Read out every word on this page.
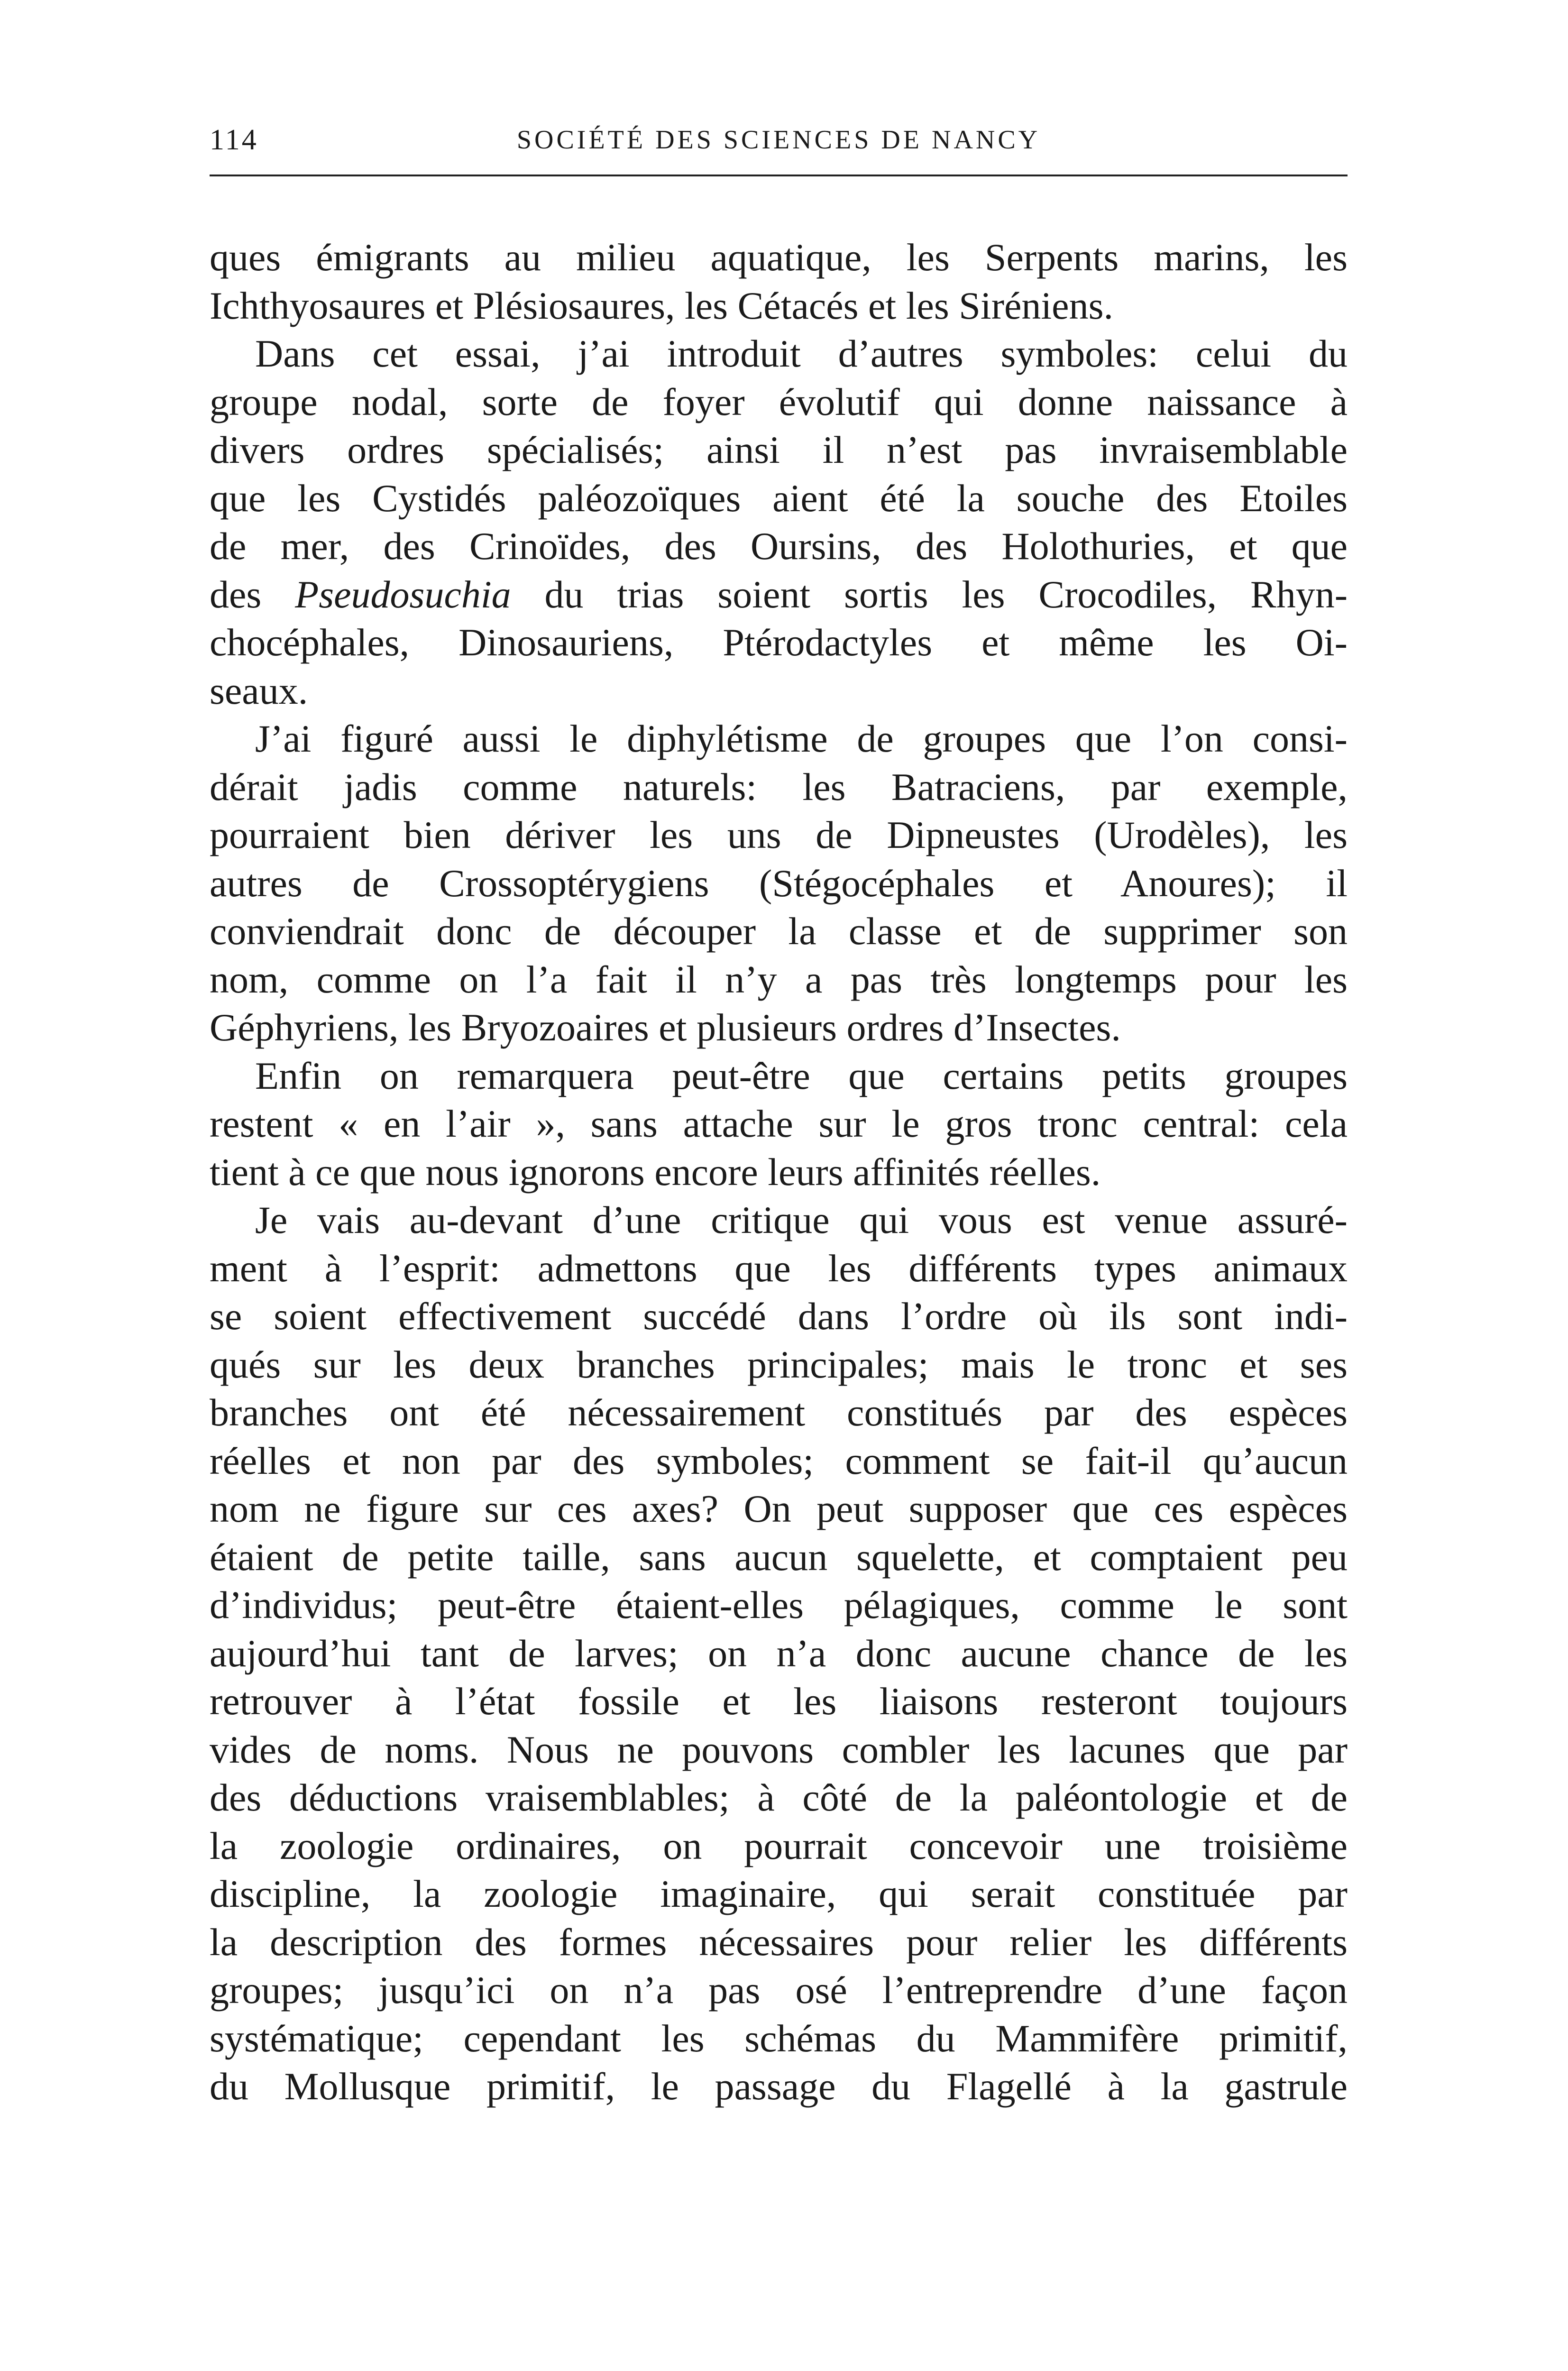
114	SOCIÉTÉ DES SCIENCES DE NANCY
ques émigrants au milieu aquatique, les Serpents marins, les
Ichthyosaures et Plésiosaures, les Cétacés et les Siréniens.
Dans cet essai, j’ai introduit d’autres symboles: celui du
groupe nodal, sorte de foyer évolutif qui donne naissance à
divers ordres spécialisés; ainsi il n’est pas invraisemblable
que les Cystidés paléozoïques aient été la souche des Etoiles
de mer, des Crinoïdes, des Oursins, des Holothuries, et que
des Pseudosuchia du trias soient sortis les Crocodiles, Rhyn-
chocéphales, Dinosauriens, Ptérodactyles et même les Oi-
seaux.
J’ai figuré aussi le diphylétisme de groupes que l’on consi-
dérait jadis comme naturels: les Batraciens, par exemple,
pourraient bien dériver les uns de Dipneustes (Urodèles), les
autres de Crossoptérygiens (Stégocéphales et Anoures); il
conviendrait donc de découper la classe et de supprimer son
nom, comme on l’a fait il n’y a pas très longtemps pour les
Géphyriens, les Bryozoaires et plusieurs ordres d’Insectes.
Enfin on remarquera peut-être que certains petits groupes
restent « en l’air », sans attache sur le gros tronc central: cela
tient à ce que nous ignorons encore leurs affinités réelles.
Je vais au-devant d’une critique qui vous est venue assuré-
ment à l’esprit: admettons que les différents types animaux
se soient effectivement succédé dans l’ordre où ils sont indi-
qués sur les deux branches principales; mais le tronc et ses
branches ont été nécessairement constitués par des espèces
réelles et non par des symboles; comment se fait-il qu’aucun
nom ne figure sur ces axes? On peut supposer que ces espèces
étaient de petite taille, sans aucun squelette, et comptaient peu
d’individus; peut-être étaient-elles pélagiques, comme le sont
aujourd’hui tant de larves; on n’a donc aucune chance de les
retrouver à l’état fossile et les liaisons resteront toujours
vides de noms. Nous ne pouvons combler les lacunes que par
des déductions vraisemblables; à côté de la paléontologie et de
la zoologie ordinaires, on pourrait concevoir une troisième
discipline, la zoologie imaginaire, qui serait constituée par
la description des formes nécessaires pour relier les différents
groupes; jusqu’ici on n’a pas osé l’entreprendre d’une façon
systématique; cependant les schémas du Mammifère primitif,
du Mollusque primitif, le passage du Flagellé à la gastrule
